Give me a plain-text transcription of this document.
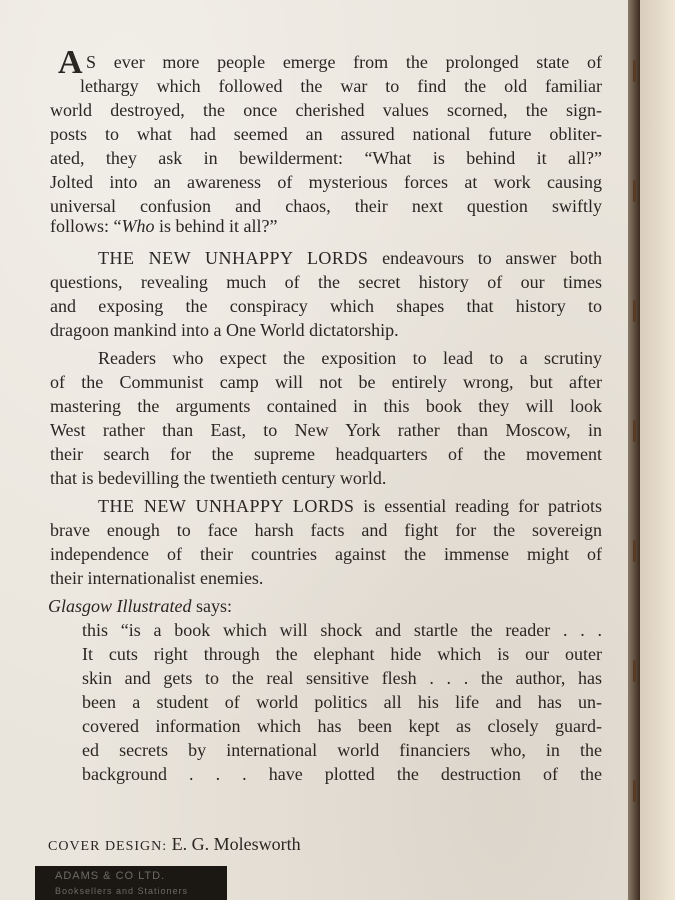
A S ever more people emerge from the prolonged state of

lethargy which followed the war to find the old familiar

world destroyed, the once cherished values scorned, the sign-

posts to what had seemed an assured national future obliter-

ated, they ask in bewilderment: “What is behind it all?”

Jolted into an awareness of mysterious forces at work causing

universal confusion and chaos, their next question swiftly

follows: “Who is behind it all?”

THE NEW UNHAPPY LORDS endeavours to answer both

questions, revealing much of the secret history of our times

and exposing the conspiracy which shapes that history to

dragoon mankind into a One World dictatorship.

Readers who expect the exposition to lead to a scrutiny

of the Communist camp will not be entirely wrong, but after

mastering the arguments contained in this book they will look

West rather than East, to New York rather than Moscow, in

their search for the supreme headquarters of the movement

that is bedevilling the twentieth century world.

THE NEW UNHAPPY LORDS is essential reading for patriots

brave enough to face harsh facts and fight for the sovereign

independence of their countries against the immense might of

their internationalist enemies.

Glasgow Illustrated says:

this “is a book which will shock and startle the reader . . .

It cuts right through the elephant hide which is our outer

skin and gets to the real sensitive flesh . . . the author, has

been a student of world politics all his life and has un-

covered information which has been kept as closely guard-

ed secrets by international world financiers who, in the

background . . . have plotted the destruction of the

COVER DESIGN: E. G. Molesworth
ADAMS & CO LTD.
Booksellers and Stationers
